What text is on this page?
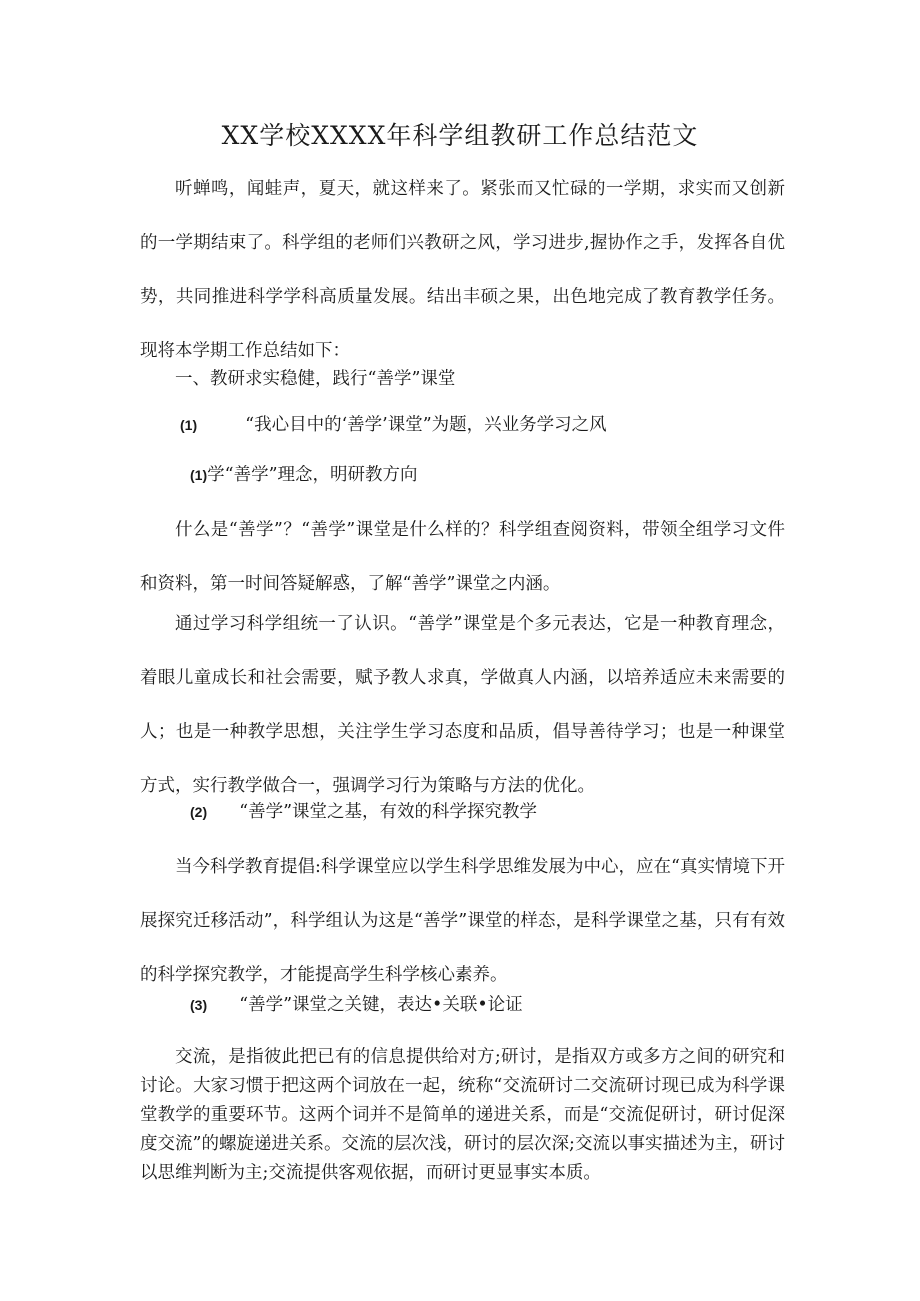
XX学校XXXX年科学组教研工作总结范文

听蝉鸣，闻蛙声，夏天，就这样来了。紧张而又忙碌的一学期，求实而又创新的一学期结束了。科学组的老师们兴教研之风，学习进步,握协作之手，发挥各自优势，共同推进科学学科高质量发展。结出丰硕之果，出色地完成了教育教学任务。现将本学期工作总结如下：

一、教研求实稳健，践行“善学”课堂
(1)	“我心目中的‘善学’课堂”为题，兴业务学习之风
(1)学“善学”理念，明研教方向

什么是“善学”？“善学”课堂是什么样的？科学组查阅资料，带领全组学习文件和资料，第一时间答疑解惑，了解“善学”课堂之内涵。

通过学习科学组统一了认识。“善学”课堂是个多元表达，它是一种教育理念，着眼儿童成长和社会需要，赋予教人求真，学做真人内涵，以培养适应未来需要的人；也是一种教学思想，关注学生学习态度和品质，倡导善待学习；也是一种课堂方式，实行教学做合一，强调学习行为策略与方法的优化。

(2) “善学”课堂之基，有效的科学探究教学

当今科学教育提倡:科学课堂应以学生科学思维发展为中心，应在“真实情境下开展探究迁移活动”，科学组认为这是“善学”课堂的样态，是科学课堂之基，只有有效的科学探究教学，才能提高学生科学核心素养。

(3) “善学”课堂之关键，表达•关联•论证

交流，是指彼此把已有的信息提供给对方;研讨，是指双方或多方之间的研究和讨论。大家习惯于把这两个词放在一起，统称“交流研讨二交流研讨现已成为科学课堂教学的重要环节。这两个词并不是简单的递进关系，而是“交流促研讨，研讨促深度交流”的螺旋递进关系。交流的层次浅，研讨的层次深;交流以事实描述为主，研讨以思维判断为主;交流提供客观依据，而研讨更显事实本质。
